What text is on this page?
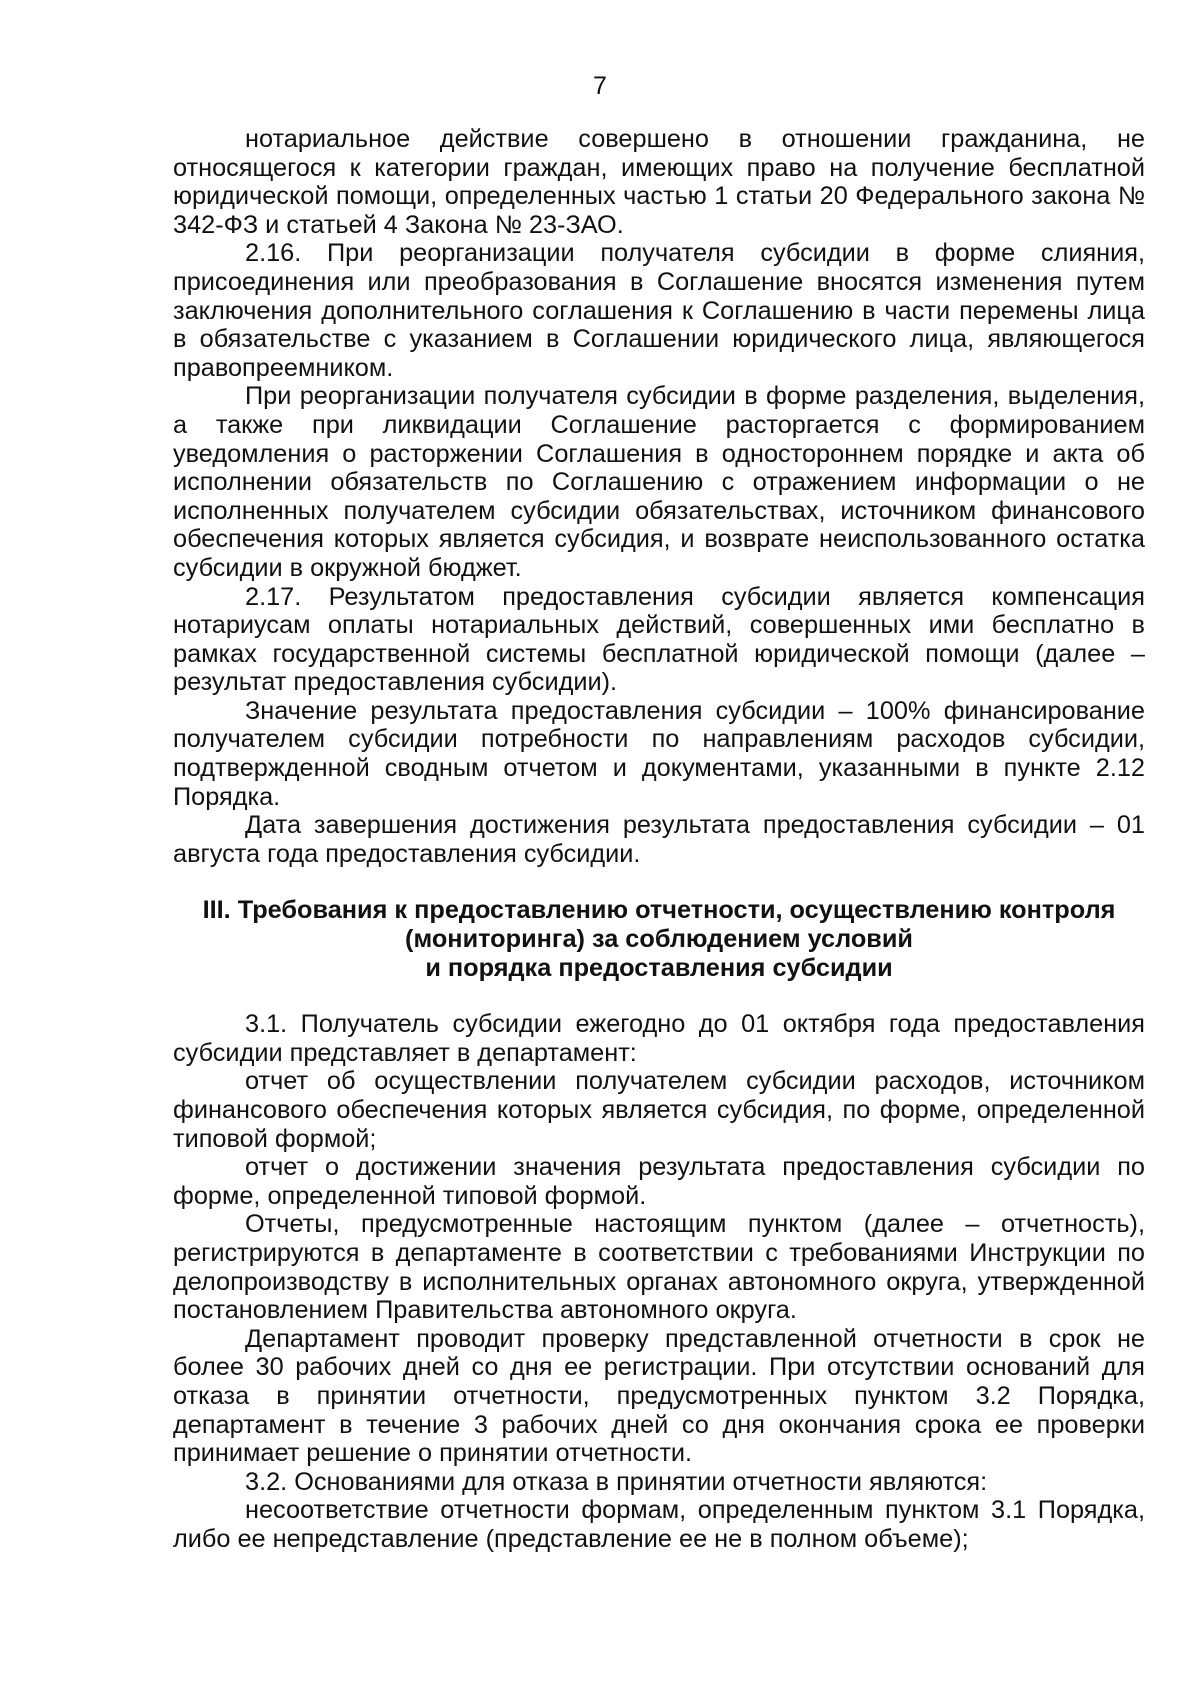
7

нотариальное действие совершено в отношении гражданина, не относящегося к категории граждан, имеющих право на получение бесплатной юридической помощи, определенных частью 1 статьи 20 Федерального закона № 342-ФЗ и статьей 4 Закона № 23-ЗАО.

2.16. При реорганизации получателя субсидии в форме слияния, присоединения или преобразования в Соглашение вносятся изменения путем заключения дополнительного соглашения к Соглашению в части перемены лица в обязательстве с указанием в Соглашении юридического лица, являющегося правопреемником.

При реорганизации получателя субсидии в форме разделения, выделения, а также при ликвидации Соглашение расторгается с формированием уведомления о расторжении Соглашения в одностороннем порядке и акта об исполнении обязательств по Соглашению с отражением информации о не исполненных получателем субсидии обязательствах, источником финансового обеспечения которых является субсидия, и возврате неиспользованного остатка субсидии в окружной бюджет.

2.17. Результатом предоставления субсидии является компенсация нотариусам оплаты нотариальных действий, совершенных ими бесплатно в рамках государственной системы бесплатной юридической помощи (далее – результат предоставления субсидии).

Значение результата предоставления субсидии – 100% финансирование получателем субсидии потребности по направлениям расходов субсидии, подтвержденной сводным отчетом и документами, указанными в пункте 2.12 Порядка.

Дата завершения достижения результата предоставления субсидии – 01 августа года предоставления субсидии.

III. Требования к предоставлению отчетности, осуществлению контроля
(мониторинга) за соблюдением условий
и порядка предоставления субсидии

3.1. Получатель субсидии ежегодно до 01 октября года предоставления субсидии представляет в департамент:

отчет об осуществлении получателем субсидии расходов, источником финансового обеспечения которых является субсидия, по форме, определенной типовой формой;

отчет о достижении значения результата предоставления субсидии по форме, определенной типовой формой.

Отчеты, предусмотренные настоящим пунктом (далее – отчетность), регистрируются в департаменте в соответствии с требованиями Инструкции по делопроизводству в исполнительных органах автономного округа, утвержденной постановлением Правительства автономного округа.

Департамент проводит проверку представленной отчетности в срок не более 30 рабочих дней со дня ее регистрации. При отсутствии оснований для отказа в принятии отчетности, предусмотренных пунктом 3.2 Порядка, департамент в течение 3 рабочих дней со дня окончания срока ее проверки принимает решение о принятии отчетности.

3.2. Основаниями для отказа в принятии отчетности являются:

несоответствие отчетности формам, определенным пунктом 3.1 Порядка, либо ее непредставление (представление ее не в полном объеме);
